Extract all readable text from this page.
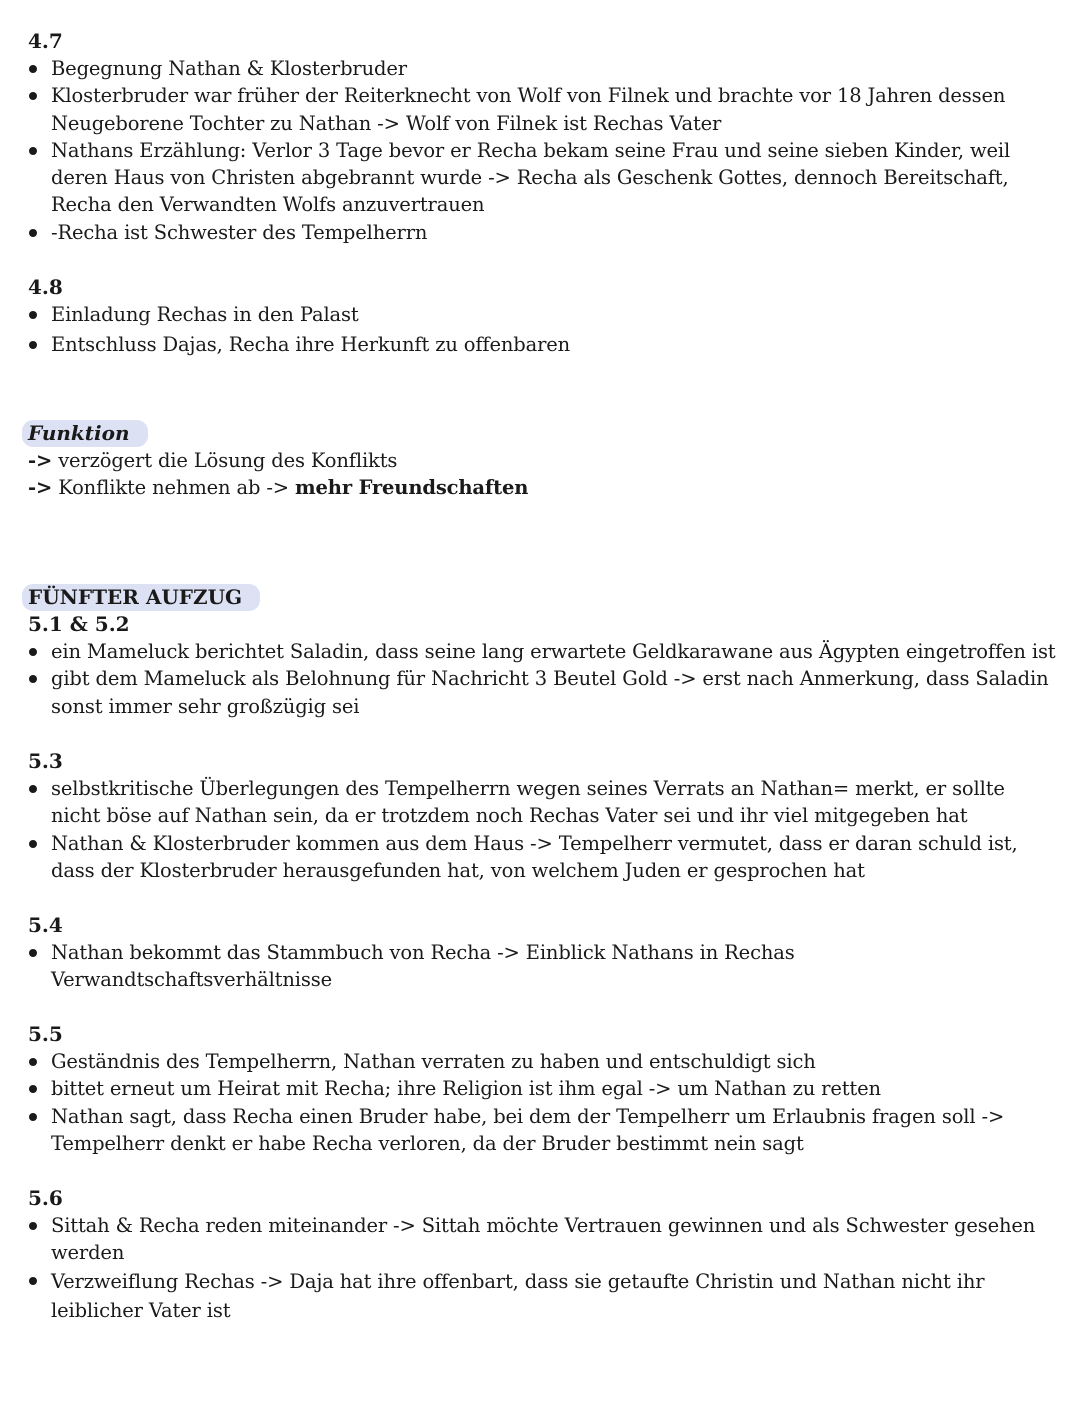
4.7

Begegnung Nathan & Klosterbruder
Klosterbruder war früher der Reiterknecht von Wolf von Filnek und brachte vor 18 Jahren dessen Neugeborene Tochter zu Nathan -> Wolf von Filnek ist Rechas Vater
Nathans Erzählung: Verlor 3 Tage bevor er Recha bekam seine Frau und seine sieben Kinder, weil deren Haus von Christen abgebrannt wurde -> Recha als Geschenk Gottes, dennoch Bereitschaft, Recha den Verwandten Wolfs anzuvertrauen
-Recha ist Schwester des Tempelherrn

4.8

Einladung Rechas in den Palast
Entschluss Dajas, Recha ihre Herkunft zu offenbaren
Funktion
-> verzögert die Lösung des Konflikts
-> Konflikte nehmen ab -> mehr Freundschaften
FÜNFTER AUFZUG

5.1 & 5.2

ein Mameluck berichtet Saladin, dass seine lang erwartete Geldkarawane aus Ägypten eingetroffen ist
gibt dem Mameluck als Belohnung für Nachricht 3 Beutel Gold -> erst nach Anmerkung, dass Saladin sonst immer sehr großzügig sei

5.3

selbstkritische Überlegungen des Tempelherrn wegen seines Verrats an Nathan= merkt, er sollte nicht böse auf Nathan sein, da er trotzdem noch Rechas Vater sei und ihr viel mitgegeben hat
Nathan & Klosterbruder kommen aus dem Haus -> Tempelherr vermutet, dass er daran schuld ist, dass der Klosterbruder herausgefunden hat, von welchem Juden er gesprochen hat

5.4

Nathan bekommt das Stammbuch von Recha -> Einblick Nathans in Rechas Verwandtschaftsverhältnisse

5.5

Geständnis des Tempelherrn, Nathan verraten zu haben und entschuldigt sich
bittet erneut um Heirat mit Recha; ihre Religion ist ihm egal -> um Nathan zu retten
Nathan sagt, dass Recha einen Bruder habe, bei dem der Tempelherr um Erlaubnis fragen soll -> Tempelherr denkt er habe Recha verloren, da der Bruder bestimmt nein sagt

5.6

Sittah & Recha reden miteinander -> Sittah möchte Vertrauen gewinnen und als Schwester gesehen werden
Verzweiflung Rechas -> Daja hat ihre offenbart, dass sie getaufte Christin und Nathan nicht ihr leiblicher Vater ist
